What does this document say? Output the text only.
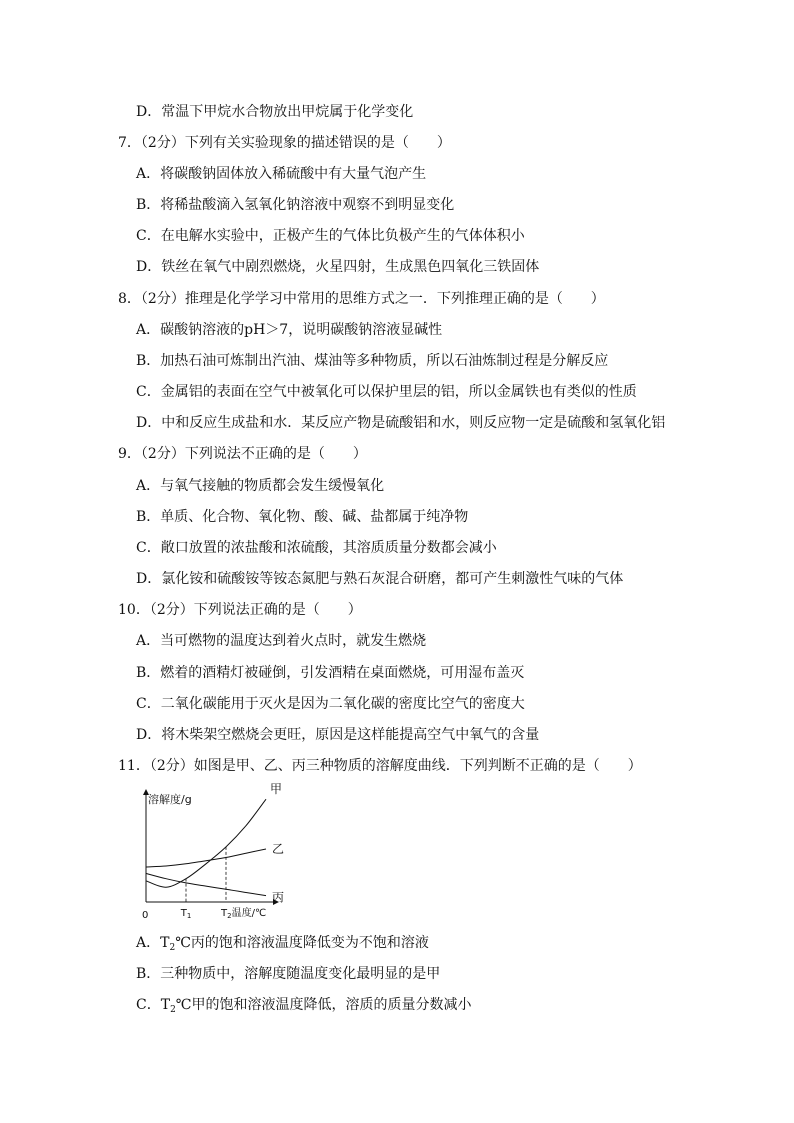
D．常温下甲烷水合物放出甲烷属于化学变化
7．（2分）下列有关实验现象的描述错误的是（　　）
A．将碳酸钠固体放入稀硫酸中有大量气泡产生
B．将稀盐酸滴入氢氧化钠溶液中观察不到明显变化
C．在电解水实验中，正极产生的气体比负极产生的气体体积小
D．铁丝在氧气中剧烈燃烧，火星四射，生成黑色四氧化三铁固体
8．（2分）推理是化学学习中常用的思维方式之一．下列推理正确的是（　　）
A．碳酸钠溶液的pH＞7，说明碳酸钠溶液显碱性
B．加热石油可炼制出汽油、煤油等多种物质，所以石油炼制过程是分解反应
C．金属铝的表面在空气中被氧化可以保护里层的铝，所以金属铁也有类似的性质
D．中和反应生成盐和水．某反应产物是硫酸铝和水，则反应物一定是硫酸和氢氧化铝
9．（2分）下列说法不正确的是（　　）
A．与氧气接触的物质都会发生缓慢氧化
B．单质、化合物、氧化物、酸、碱、盐都属于纯净物
C．敞口放置的浓盐酸和浓硫酸，其溶质质量分数都会减小
D．氯化铵和硫酸铵等铵态氮肥与熟石灰混合研磨，都可产生刺激性气味的气体
10．（2分）下列说法正确的是（　　）
A．当可燃物的温度达到着火点时，就发生燃烧
B．燃着的酒精灯被碰倒，引发酒精在桌面燃烧，可用湿布盖灭
C．二氧化碳能用于灭火是因为二氧化碳的密度比空气的密度大
D．将木柴架空燃烧会更旺，原因是这样能提高空气中氧气的含量
11．（2分）如图是甲、乙、丙三种物质的溶解度曲线．下列判断不正确的是（　　）
溶解度/g
0	$T_1$	$T_2$温度/℃
甲
乙
丙
A．$T_2℃$丙的饱和溶液温度降低变为不饱和溶液
B．三种物质中，溶解度随温度变化最明显的是甲
C．$T_2℃$甲的饱和溶液温度降低，溶质的质量分数减小
